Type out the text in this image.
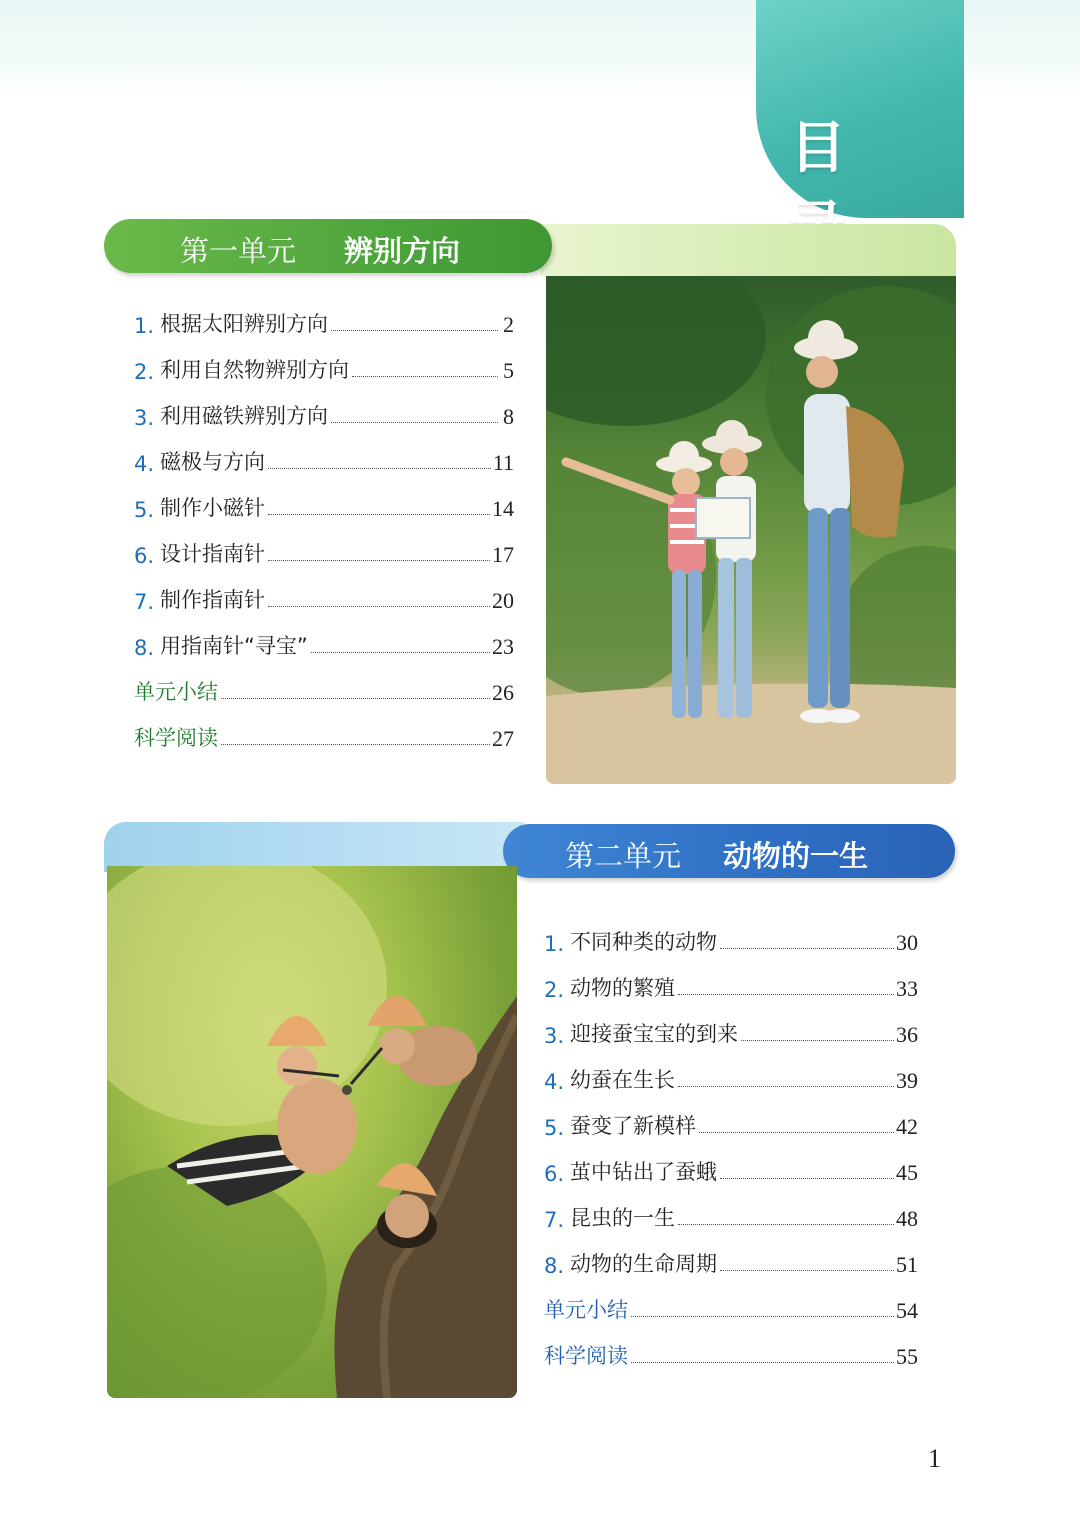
目
第一单元 辨别方向
1. 根据太阳辨别方向	2
2. 利用自然物辨别方向	5
3. 利用磁铁辨别方向	8
4. 磁极与方向	11
5. 制作小磁针	14
6. 设计指南针	17
7. 制作指南针	20
8. 用指南针“寻宝”	23
单元小结	26
科学阅读	27
第二单元 动物的一生
1. 不同种类的动物	30
2. 动物的繁殖	33
3. 迎接蚕宝宝的到来	36
4. 幼蚕在生长	39
5. 蚕变了新模样	42
6. 茧中钻出了蚕蛾	45
7. 昆虫的一生	48
8. 动物的生命周期	51
单元小结	54
科学阅读	55
1
